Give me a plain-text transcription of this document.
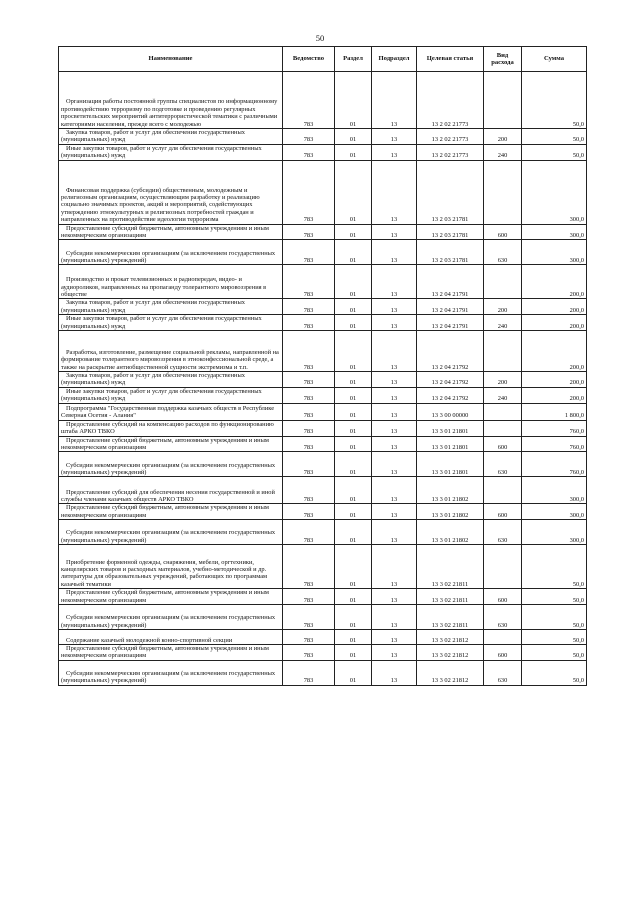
50
Наименование	Ведомство	Раздел	Подраздел	Целевая статья	Вид расхода	Сумма

Организация работы постоянной группы специалистов по информационному противодействию терроризму по подготовке и проведению регулярных просветительских мероприятий антитеррористической тематики с различными категориями населения, прежде всего с молодежью	783	01	13	13 2 02 21773		50,0

Закупка товаров, работ и услуг для обеспечения государственных (муниципальных) нужд	783	01	13	13 2 02 21773	200	50,0

Иные закупки товаров, работ и услуг для обеспечения государственных (муниципальных) нужд	783	01	13	13 2 02 21773	240	50,0

Финансовая поддержка (субсидии) общественным, молодежным и религиозным организациям, осуществляющим разработку и реализацию социально значимых проектов, акций и мероприятий, содействующих утверждению этнокультурных и религиозных потребностей граждан и направленных на противодействие идеологии терроризма	783	01	13	13 2 03 21781		300,0

Предоставление субсидий бюджетным, автономным учреждениям и иным некоммерческим организациям	783	01	13	13 2 03 21781	600	300,0

Субсидии некоммерческим организациям (за исключением государственных (муниципальных) учреждений)	783	01	13	13 2 03 21781	630	300,0

Производство и прокат телевизионных и радиопередач, видео- и аудиороликов, направленных на пропаганду толерантного мировоззрения в обществе	783	01	13	13 2 04 21791		200,0

Закупка товаров, работ и услуг для обеспечения государственных (муниципальных) нужд	783	01	13	13 2 04 21791	200	200,0

Иные закупки товаров, работ и услуг для обеспечения государственных (муниципальных) нужд	783	01	13	13 2 04 21791	240	200,0

Разработка, изготовление, размещение социальной рекламы, направленной на формирование толерантного мировоззрения в этноконфессиональной среде, а также на раскрытие антиобщественной сущности экстремизма и т.п.	783	01	13	13 2 04 21792		200,0

Закупка товаров, работ и услуг для обеспечения государственных (муниципальных) нужд	783	01	13	13 2 04 21792	200	200,0

Иные закупки товаров, работ и услуг для обеспечения государственных (муниципальных) нужд	783	01	13	13 2 04 21792	240	200,0

Подпрограмма "Государственная поддержка казачьих обществ в Республике Северная Осетия - Алания"	783	01	13	13 3 00 00000		1 800,0

Предоставление субсидий на компенсацию расходов по функционированию штаба АРКО ТВКО	783	01	13	13 3 01 21801		760,0

Предоставление субсидий бюджетным, автономным учреждениям и иным некоммерческим организациям	783	01	13	13 3 01 21801	600	760,0

Субсидии некоммерческим организациям (за исключением государственных (муниципальных) учреждений)	783	01	13	13 3 01 21801	630	760,0

Предоставление субсидий для обеспечения несения государственной и иной службы членами казачьих обществ АРКО ТВКО	783	01	13	13 3 01 21802		300,0

Предоставление субсидий бюджетным, автономным учреждениям и иным некоммерческим организациям	783	01	13	13 3 01 21802	600	300,0

Субсидии некоммерческим организациям (за исключением государственных (муниципальных) учреждений)	783	01	13	13 3 01 21802	630	300,0

Приобретение форменной одежды, снаряжения, мебели, оргтехники, канцелярских товаров и расходных материалов, учебно-методической и др. литературы для образовательных учреждений, работающих по программам казачьей тематики	783	01	13	13 3 02 21811		50,0

Предоставление субсидий бюджетным, автономным учреждениям и иным некоммерческим организациям	783	01	13	13 3 02 21811	600	50,0

Субсидии некоммерческим организациям (за исключением государственных (муниципальных) учреждений)	783	01	13	13 3 02 21811	630	50,0

Содержание казачьей молодежной конно-спортивной секции	783	01	13	13 3 02 21812		50,0

Предоставление субсидий бюджетным, автономным учреждениям и иным некоммерческим организациям	783	01	13	13 3 02 21812	600	50,0

Субсидии некоммерческим организациям (за исключением государственных (муниципальных) учреждений)	783	01	13	13 3 02 21812	630	50,0
